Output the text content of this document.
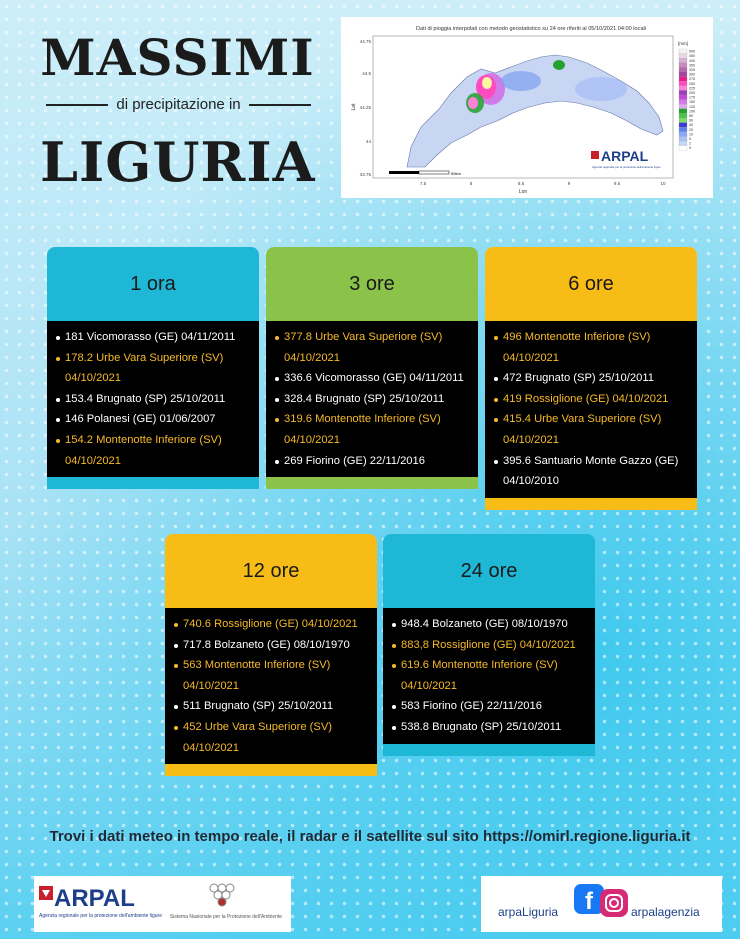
MASSIMI
di precipitazione in
LIGURIA
Dati di pioggia interpolati con metodo geostatistico su 24 ore riferiti al 05/10/2021 04:00 locali
44.75
44.5
44.25
44
43.75
Lat
7.5	8	8.5	9	9.5	10
Lon
50km
[mm]
500
450
400
350
325
300
275
250
225
200
175
150
125
100
80
60
40
20
10
5
2
0
ARPAL
Agenzia regionale per la protezione dell'ambiente ligure
1 ora
181 Vicomorasso (GE) 04/11/2011
178.2 Urbe Vara Superiore (SV) 04/10/2021
153.4 Brugnato (SP) 25/10/2011
146 Polanesi (GE) 01/06/2007
154.2 Montenotte Inferiore (SV) 04/10/2021
3 ore
377.8 Urbe Vara Superiore (SV) 04/10/2021
336.6 Vicomorasso (GE) 04/11/2011
328.4 Brugnato (SP) 25/10/2011
319.6 Montenotte Inferiore (SV) 04/10/2021
269 Fiorino (GE) 22/11/2016
6 ore
496 Montenotte Inferiore (SV) 04/10/2021
472 Brugnato (SP) 25/10/2011
419 Rossiglione (GE) 04/10/2021
415.4 Urbe Vara Superiore (SV) 04/10/2021
395.6 Santuario Monte Gazzo (GE) 04/10/2010
12 ore
740.6 Rossiglione (GE) 04/10/2021
717.8 Bolzaneto (GE) 08/10/1970
563 Montenotte Inferiore (SV) 04/10/2021
511 Brugnato (SP) 25/10/2011
452 Urbe Vara Superiore (SV) 04/10/2021
24 ore
948.4 Bolzaneto (GE) 08/10/1970
883,8 Rossiglione (GE) 04/10/2021
619.6 Montenotte Inferiore (SV) 04/10/2021
583 Fiorino (GE) 22/11/2016
538.8 Brugnato (SP) 25/10/2011
Trovi i dati meteo in tempo reale, il radar e il satellite sul sito https://omirl.regione.liguria.it
ARPAL
Agenzia regionale per la protezione dell'ambiente ligure Sistema Nazionale per la Protezione dell'Ambiente	arpaLiguria f	arpalagenzia
